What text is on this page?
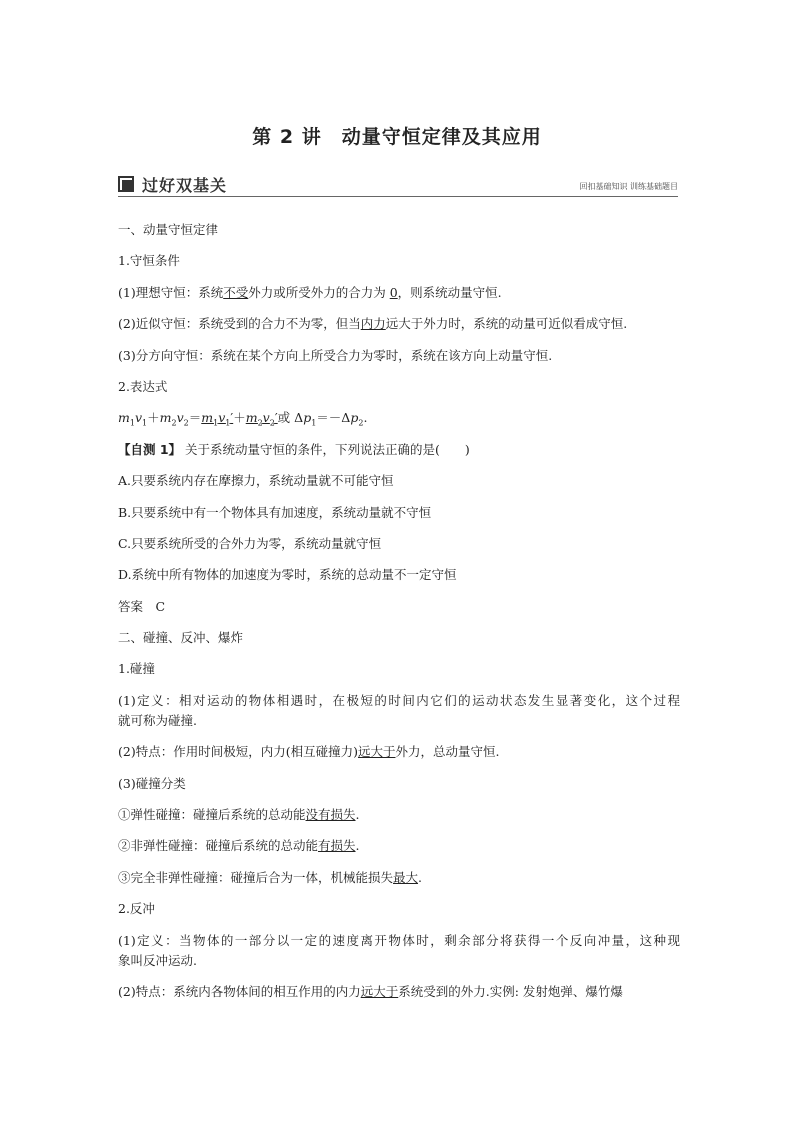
第 2 讲　动量守恒定律及其应用
过好双基关	回扣基础知识 训练基础题目
一、动量守恒定律
1.守恒条件
(1)理想守恒：系统不受外力或所受外力的合力为 0，则系统动量守恒.
(2)近似守恒：系统受到的合力不为零，但当内力远大于外力时，系统的动量可近似看成守恒.
(3)分方向守恒：系统在某个方向上所受合力为零时，系统在该方向上动量守恒.
2.表达式
$m_1v_1+m_2v_2=m_1v_1'+m_2v_2'$或 $\Delta p_1=-\Delta p_2$.
【自测 1】 关于系统动量守恒的条件，下列说法正确的是(　　)
A.只要系统内存在摩擦力，系统动量就不可能守恒
B.只要系统中有一个物体具有加速度，系统动量就不守恒
C.只要系统所受的合外力为零，系统动量就守恒
D.系统中所有物体的加速度为零时，系统的总动量不一定守恒
答案　C
二、碰撞、反冲、爆炸
1.碰撞
(1)定义：相对运动的物体相遇时，在极短的时间内它们的运动状态发生显著变化，这个过程
就可称为碰撞.
(2)特点：作用时间极短，内力(相互碰撞力)远大于外力，总动量守恒.
(3)碰撞分类
①弹性碰撞：碰撞后系统的总动能没有损失.
②非弹性碰撞：碰撞后系统的总动能有损失.
③完全非弹性碰撞：碰撞后合为一体，机械能损失最大.
2.反冲
(1)定义：当物体的一部分以一定的速度离开物体时，剩余部分将获得一个反向冲量，这种现
象叫反冲运动.
(2)特点：系统内各物体间的相互作用的内力远大于系统受到的外力.实例: 发射炮弹、爆竹爆
